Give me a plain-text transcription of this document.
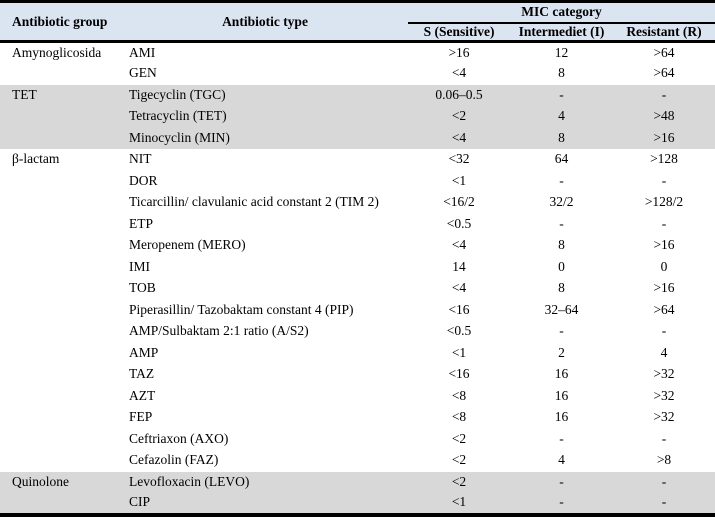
Antibiotic group	Antibiotic type	MIC category		
		S (Sensitive)	Intermediet (I)	Resistant (R)
Amynoglicosida	AMI	>16	12	>64
	GEN	<4	8	>64
TET	Tigecyclin (TGC)	0.06–0.5	-	-
	Tetracyclin (TET)	<2	4	>48
	Minocyclin (MIN)	<4	8	>16
β-lactam	NIT	<32	64	>128
	DOR	<1	-	-
	Ticarcillin/ clavulanic acid constant 2 (TIM 2)	<16/2	32/2	>128/2
	ETP	<0.5	-	-
	Meropenem (MERO)	<4	8	>16
	IMI	14	0	0
	TOB	<4	8	>16
	Piperasillin/ Tazobaktam constant 4 (PIP)	<16	32–64	>64
	AMP/Sulbaktam 2:1 ratio (A/S2)	<0.5	-	-
	AMP	<1	2	4
	TAZ	<16	16	>32
	AZT	<8	16	>32
	FEP	<8	16	>32
	Ceftriaxon (AXO)	<2	-	-
	Cefazolin (FAZ)	<2	4	>8
Quinolone	Levofloxacin (LEVO)	<2	-	-
	CIP	<1	-	-
